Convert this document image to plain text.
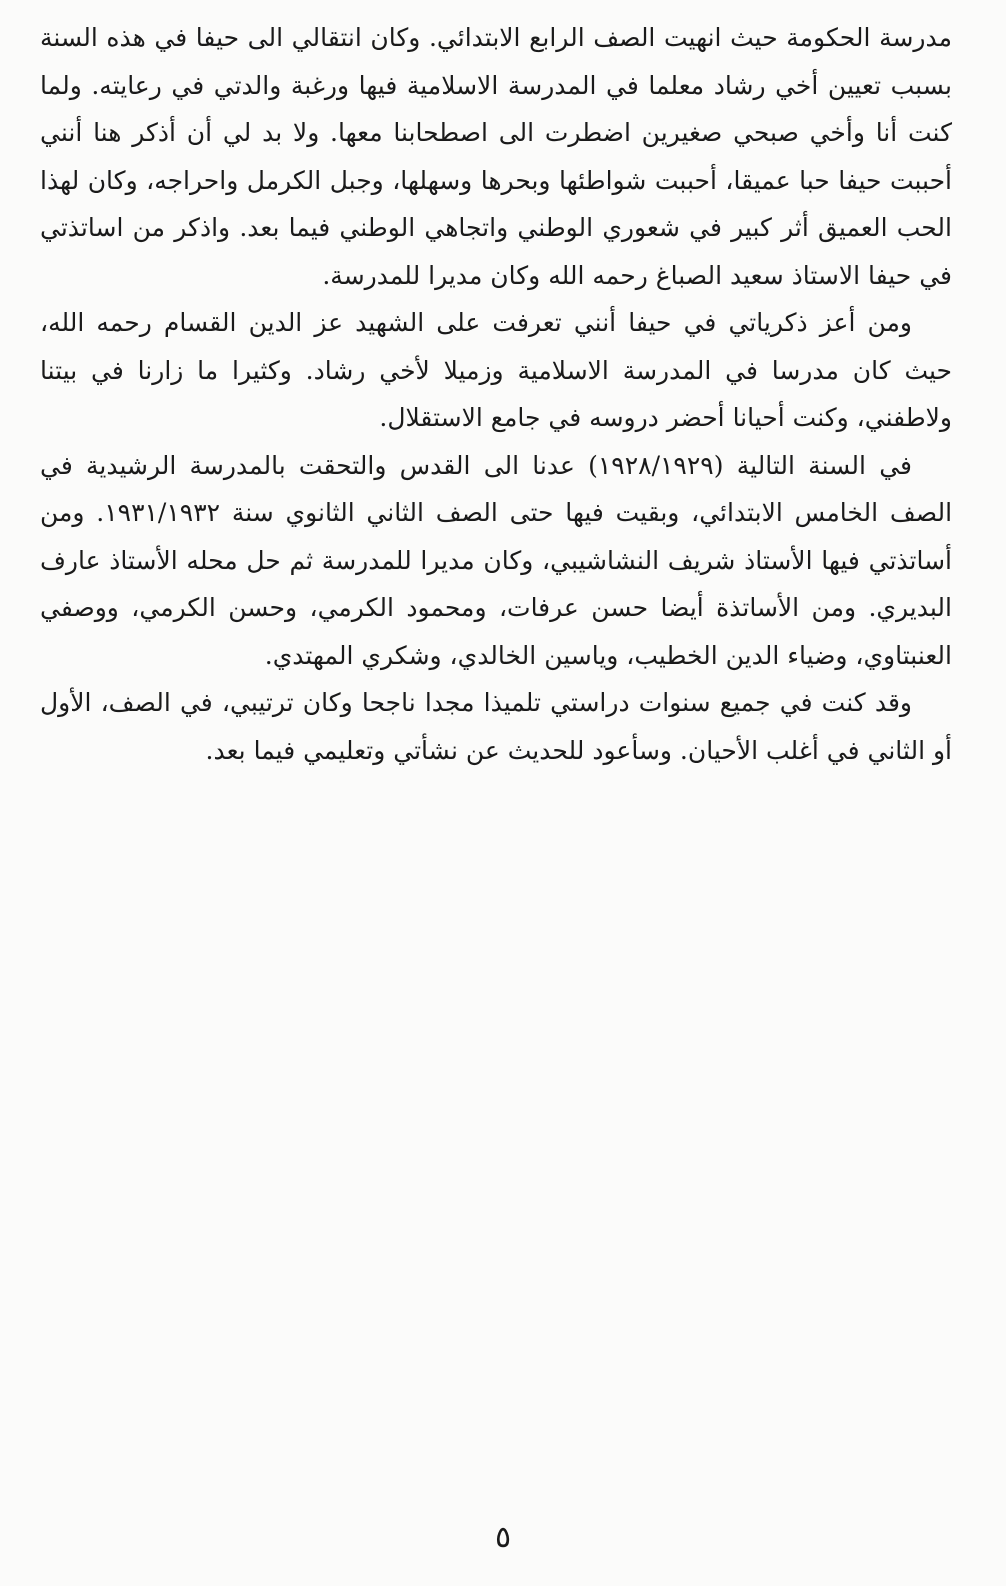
مدرسة الحكومة حيث انهيت الصف الرابع الابتدائي. وكان انتقالي الى حيفا في هذه السنة بسبب تعيين أخي رشاد معلما في المدرسة الاسلامية فيها ورغبة والدتي في رعايته. ولما كنت أنا وأخي صبحي صغيرين اضطرت الى اصطحابنا معها. ولا بد لي أن أذكر هنا أنني أحببت حيفا حبا عميقا، أحببت شواطئها وبحرها وسهلها، وجبل الكرمل واحراجه، وكان لهذا الحب العميق أثر كبير في شعوري الوطني واتجاهي الوطني فيما بعد. واذكر من اساتذتي في حيفا الاستاذ سعيد الصباغ رحمه الله وكان مديرا للمدرسة.

ومن أعز ذكرياتي في حيفا أنني تعرفت على الشهيد عز الدين القسام رحمه الله، حيث كان مدرسا في المدرسة الاسلامية وزميلا لأخي رشاد. وكثيرا ما زارنا في بيتنا ولاطفني، وكنت أحيانا أحضر دروسه في جامع الاستقلال.

في السنة التالية (١٩٢٨/١٩٢٩) عدنا الى القدس والتحقت بالمدرسة الرشيدية في الصف الخامس الابتدائي، وبقيت فيها حتى الصف الثاني الثانوي سنة ١٩٣١/١٩٣٢. ومن أساتذتي فيها الأستاذ شريف النشاشيبي، وكان مديرا للمدرسة ثم حل محله الأستاذ عارف البديري. ومن الأساتذة أيضا حسن عرفات، ومحمود الكرمي، وحسن الكرمي، ووصفي العنبتاوي، وضياء الدين الخطيب، وياسين الخالدي، وشكري المهتدي.

وقد كنت في جميع سنوات دراستي تلميذا مجدا ناجحا وكان ترتيبي، في الصف، الأول أو الثاني في أغلب الأحيان. وسأعود للحديث عن نشأتي وتعليمي فيما بعد.

٥
